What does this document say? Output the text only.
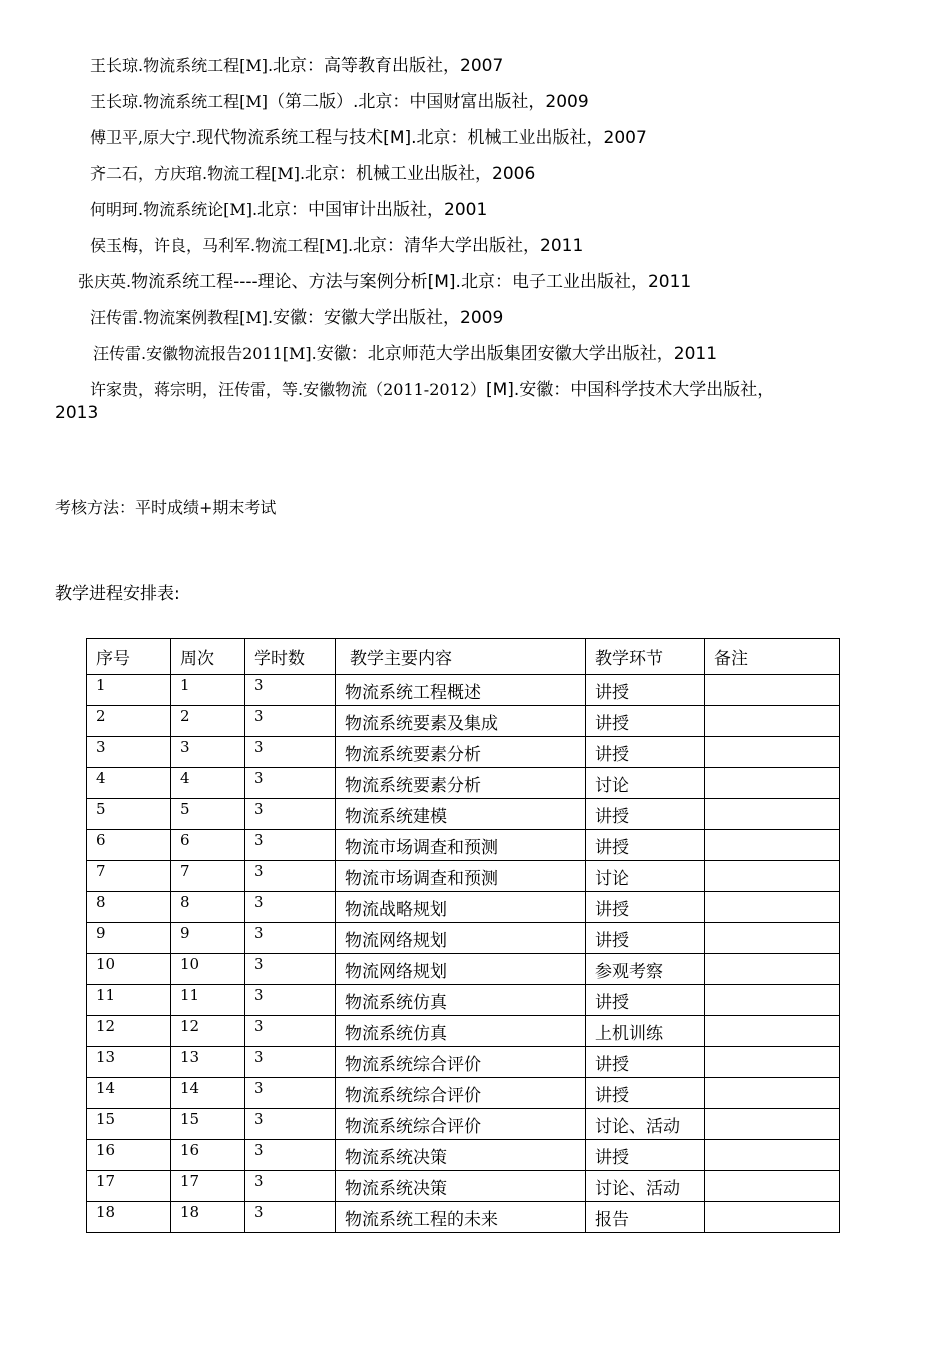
王长琼.物流系统工程[M].北京：高等教育出版社，2007
王长琼.物流系统工程[M]（第二版）.北京：中国财富出版社，2009
傅卫平,原大宁.现代物流系统工程与技术[M].北京：机械工业出版社，2007
齐二石，方庆琯.物流工程[M].北京：机械工业出版社，2006
何明珂.物流系统论[M].北京：中国审计出版社，2001
侯玉梅，许良，马利军.物流工程[M].北京：清华大学出版社，2011
张庆英.物流系统工程----理论、方法与案例分析[M].北京：电子工业出版社，2011
汪传雷.物流案例教程[M].安徽：安徽大学出版社，2009
汪传雷.安徽物流报告2011[M].安徽：北京师范大学出版集团安徽大学出版社，2011
许家贵，蒋宗明，汪传雷，等.安徽物流（2011-2012）[M].安徽：中国科学技术大学出版社，
2013
考核方法：平时成绩+期末考试
教学进程安排表:
序号	周次	学时数	教学主要内容	教学环节	备注
1	1	3	物流系统工程概述	讲授	
2	2	3	物流系统要素及集成	讲授	
3	3	3	物流系统要素分析	讲授	
4	4	3	物流系统要素分析	讨论	
5	5	3	物流系统建模	讲授	
6	6	3	物流市场调查和预测	讲授	
7	7	3	物流市场调查和预测	讨论	
8	8	3	物流战略规划	讲授	
9	9	3	物流网络规划	讲授	
10	10	3	物流网络规划	参观考察	
11	11	3	物流系统仿真	讲授	
12	12	3	物流系统仿真	上机训练	
13	13	3	物流系统综合评价	讲授	
14	14	3	物流系统综合评价	讲授	
15	15	3	物流系统综合评价	讨论、活动	
16	16	3	物流系统决策	讲授	
17	17	3	物流系统决策	讨论、活动	
18	18	3	物流系统工程的未来	报告	
